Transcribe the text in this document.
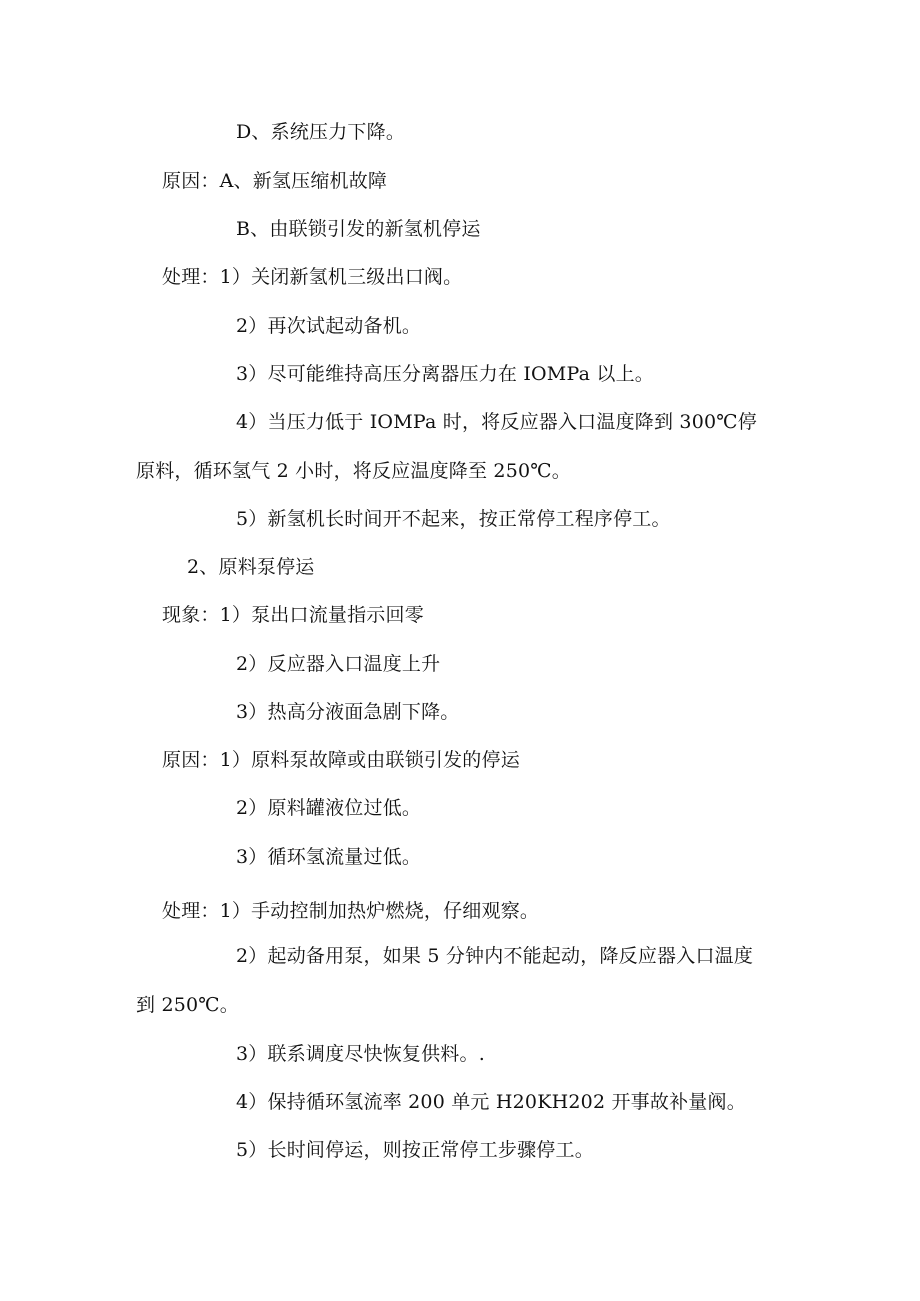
D、系统压力下降。
原因：A、新氢压缩机故障
B、由联锁引发的新氢机停运
处理：1）关闭新氢机三级出口阀。
2）再次试起动备机。
3）尽可能维持高压分离器压力在 IOMPa 以上。
4）当压力低于 IOMPa 时，将反应器入口温度降到 300℃停
原料，循环氢气 2 小时，将反应温度降至 250℃。
5）新氢机长时间开不起来，按正常停工程序停工。
2、原料泵停运
现象：1）泵出口流量指示回零
2）反应器入口温度上升
3）热高分液面急剧下降。
原因：1）原料泵故障或由联锁引发的停运
2）原料罐液位过低。
3）循环氢流量过低。
处理：1）手动控制加热炉燃烧，仔细观察。
2）起动备用泵，如果 5 分钟内不能起动，降反应器入口温度
到 250℃。
3）联系调度尽快恢复供料。.
4）保持循环氢流率 200 单元 H20KH202 开事故补量阀。
5）长时间停运，则按正常停工步骤停工。
